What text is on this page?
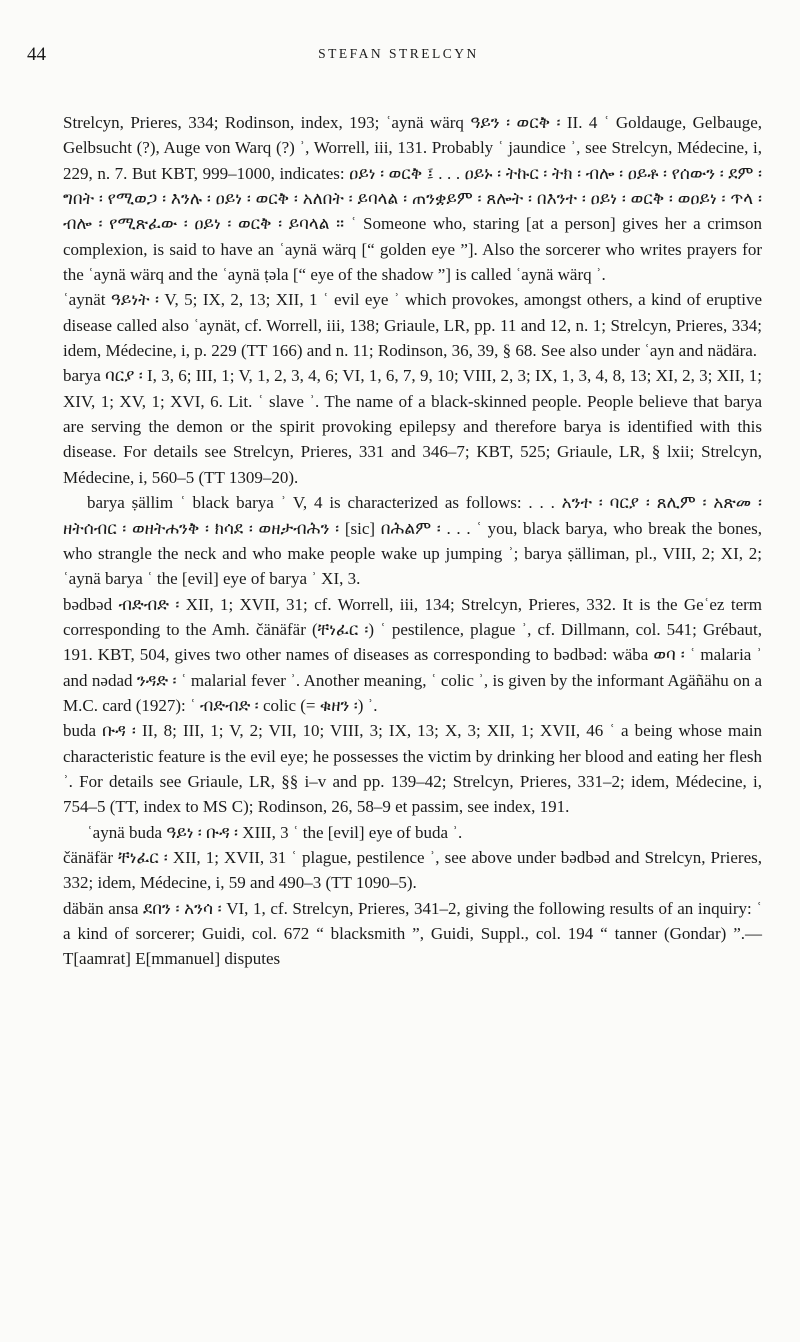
44	STEFAN STRELCYN

Strelcyn, Prieres, 334; Rodinson, index, 193; ʿaynä wärq ዓይን ፡ ወርቅ ፡ II. 4 ʿ Goldauge, Gelbauge, Gelbsucht (?), Auge von Warq (?) ʾ, Worrell, iii, 131. Probably ʿ jaundice ʾ, see Strelcyn, Médecine, i, 229, n. 7. But KBT, 999–1000, indicates: ዐይነ ፡ ወርቅ ፤ . . . ዐይኑ ፡ ትኩር ፡ ትክ ፡ ብሎ ፡ ዐይቶ ፡ የሰውን ፡ ደም ፡ ግበት ፡ የሚወጋ ፡ እንሉ ፡ ዐይነ ፡ ወርቅ ፡ አለበት ፡ ይባላል ፡ ጠንቋይም ፡ ጸሎት ፡ በእንተ ፡ ዐይነ ፡ ወርቅ ፡ ወዐይነ ፡ ጥላ ፡ ብሎ ፡ የሚጽፈው ፡ ዐይነ ፡ ወርቅ ፡ ይባላል ። ʿ Someone who, staring [at a person] gives her a crimson complexion, is said to have an ʿaynä wärq [“ golden eye ”]. Also the sorcerer who writes prayers for the ʿaynä wärq and the ʿaynä ṭəla [“ eye of the shadow ”] is called ʿaynä wärq ʾ.

ʿaynät ዓይነት ፡ V, 5; IX, 2, 13; XII, 1 ʿ evil eye ʾ which provokes, amongst others, a kind of eruptive disease called also ʿaynät, cf. Worrell, iii, 138; Griaule, LR, pp. 11 and 12, n. 1; Strelcyn, Prieres, 334; idem, Médecine, i, p. 229 (TT 166) and n. 11; Rodinson, 36, 39, § 68. See also under ʿayn and nädära.

barya ባርያ ፡ I, 3, 6; III, 1; V, 1, 2, 3, 4, 6; VI, 1, 6, 7, 9, 10; VIII, 2, 3; IX, 1, 3, 4, 8, 13; XI, 2, 3; XII, 1; XIV, 1; XV, 1; XVI, 6. Lit. ʿ slave ʾ. The name of a black-skinned people. People believe that barya are serving the demon or the spirit provoking epilepsy and therefore barya is identified with this disease. For details see Strelcyn, Prieres, 331 and 346–7; KBT, 525; Griaule, LR, § lxii; Strelcyn, Médecine, i, 560–5 (TT 1309–20).

barya ṣällim ʿ black barya ʾ V, 4 is characterized as follows: . . . አንተ ፡ ባርያ ፡ ጸሊም ፡ አጽመ ፡ ዘትሰብር ፡ ወዘትሐንቅ ፡ ክሳደ ፡ ወዘታብሕን ፡ [sic] በሕልም ፡ . . . ʿ you, black barya, who break the bones, who strangle the neck and who make people wake up jumping ʾ; barya ṣälliman, pl., VIII, 2; XI, 2; ʿaynä barya ʿ the [evil] eye of barya ʾ XI, 3.

bədbəd ብድብድ ፡ XII, 1; XVII, 31; cf. Worrell, iii, 134; Strelcyn, Prieres, 332. It is the Geʿez term corresponding to the Amh. čänäfär (ቸነፈር ፡) ʿ pestilence, plague ʾ, cf. Dillmann, col. 541; Grébaut, 191. KBT, 504, gives two other names of diseases as corresponding to bədbəd: wäba ወባ ፡ ʿ malaria ʾ and nədad ንዳድ ፡ ʿ malarial fever ʾ. Another meaning, ʿ colic ʾ, is given by the informant Agäñähu on a M.C. card (1927): ʿ ብድብድ ፡ colic (= ቁዘን ፡) ʾ.

buda ቡዳ ፡ II, 8; III, 1; V, 2; VII, 10; VIII, 3; IX, 13; X, 3; XII, 1; XVII, 46 ʿ a being whose main characteristic feature is the evil eye; he possesses the victim by drinking her blood and eating her flesh ʾ. For details see Griaule, LR, §§ i–v and pp. 139–42; Strelcyn, Prieres, 331–2; idem, Médecine, i, 754–5 (TT, index to MS C); Rodinson, 26, 58–9 et passim, see index, 191.

ʿaynä buda ዓይነ ፡ ቡዳ ፡ XIII, 3 ʿ the [evil] eye of buda ʾ.

čänäfär ቸነፈር ፡ XII, 1; XVII, 31 ʿ plague, pestilence ʾ, see above under bədbəd and Strelcyn, Prieres, 332; idem, Médecine, i, 59 and 490–3 (TT 1090–5).

däbän ansa ደበን ፡ አንሳ ፡ VI, 1, cf. Strelcyn, Prieres, 341–2, giving the following results of an inquiry: ʿ a kind of sorcerer; Guidi, col. 672 “ blacksmith ”, Guidi, Suppl., col. 194 “ tanner (Gondar) ”.—T[aamrat] E[mmanuel] disputes
